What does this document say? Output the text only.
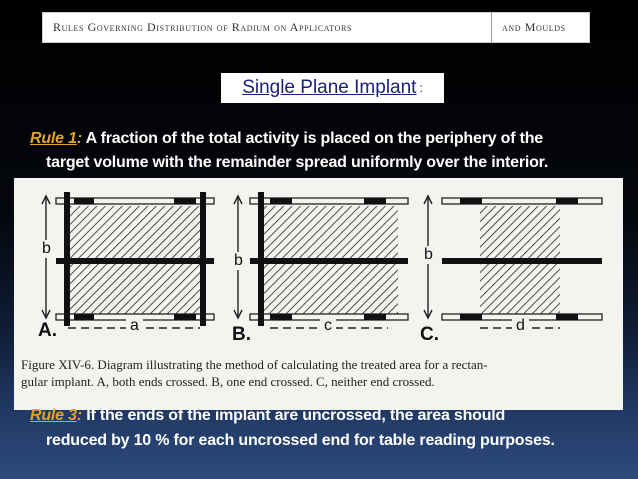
Rules Governing Distribution of Radium on Applicators	and Moulds
Single Plane Implant :
Rule 1: A fraction of the total activity is placed on the periphery of the
target volume with the remainder spread uniformly over the interior.
A.	B.	C.
a	c	d
b
b	b
Figure XIV-6. Diagram illustrating the method of calculating the treated area for a rectan-
gular implant. A, both ends crossed. B, one end crossed. C, neither end crossed.
Rule 3: If the ends of the implant are uncrossed, the area should
reduced by 10 % for each uncrossed end for table reading purposes.
